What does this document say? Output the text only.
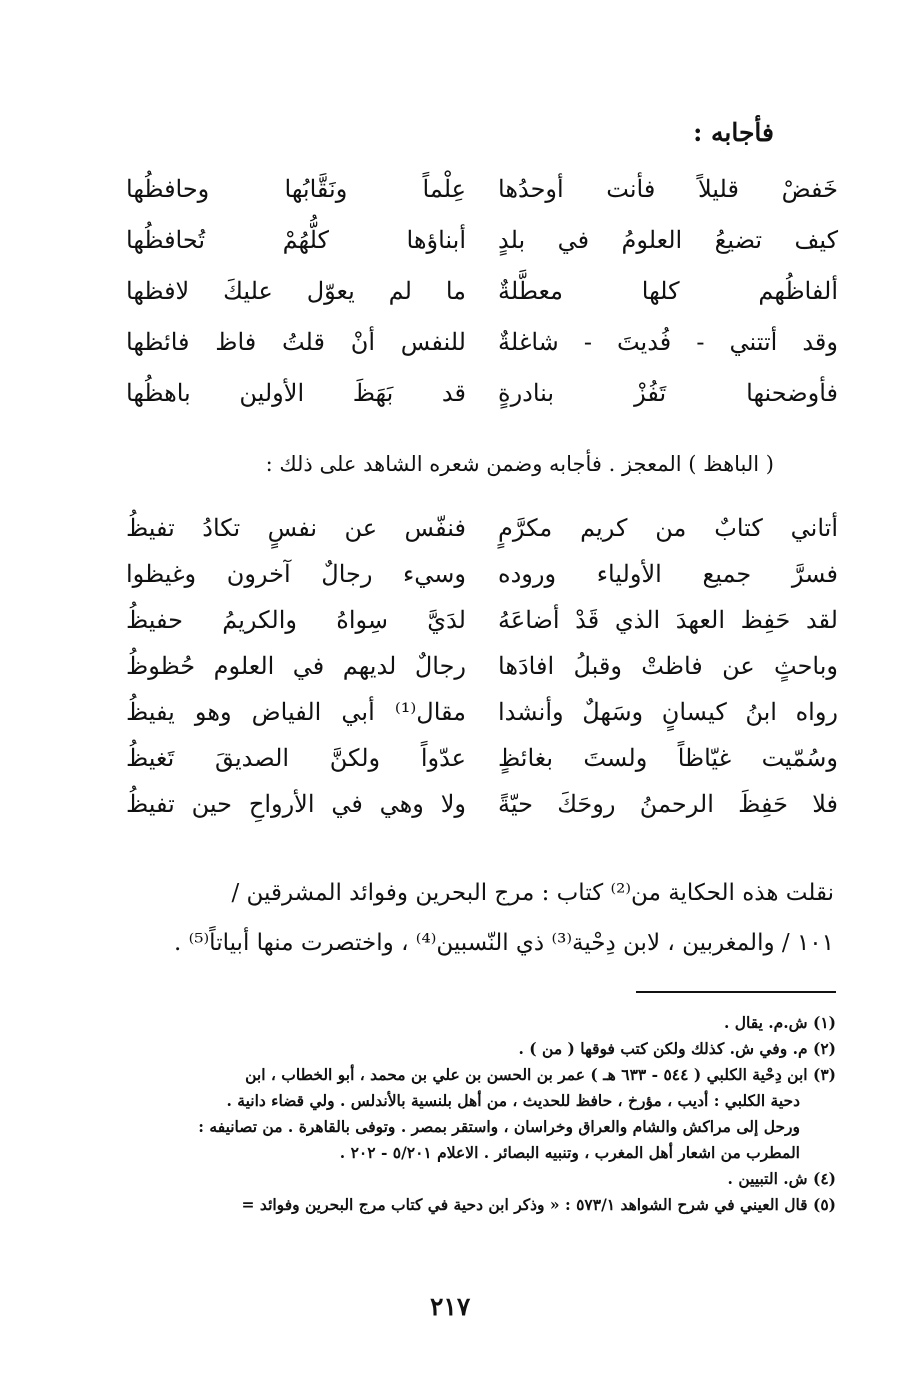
فأجابه :
خَفضْ قليلاً فأنت أوحدُها
عِلْماً ونَقَّابُها وحافظُها
كيف تضيعُ العلومُ في بلدٍ
أبناؤها كلُّهُمْ تُحافظُها
ألفاظُهم كلها معطَّلةٌ
ما لم يعوّل عليكَ لافظها
وقد أتتني - فُديتَ - شاغلةٌ
للنفس أنْ قلتُ فاظ فائظها
فأوضحنها تَفُزْ بنادرةٍ
قد بَهَظَ الأولين باهظُها
( الباهظ ) المعجز . فأجابه وضمن شعره الشاهد على ذلك :
أتاني كتابٌ من كريم مكرَّمٍ
فنفّس عن نفسٍ تكادُ تفيظُ
فسرَّ جميع الأولياء وروده
وسيء رجالٌ آخرون وغيظوا
لقد حَفِظ العهدَ الذي قَدْ أضاعَهُ
لدَيَّ سِواهُ والكريمُ حفيظُ
وباحثٍ عن فاظتْ وقبلُ افادَها
رجالٌ لديهم في العلوم حُظوظُ
رواه ابنُ كيسانٍ وسَهلٌ وأنشدا
مقال⁽¹⁾ أبي الفياض وهو يفيظُ
وسُمّيت غيّاظاً ولستَ بغائظٍ
عدّواً ولكنَّ الصديقَ تَغيظُ
فلا حَفِظَ الرحمنُ روحَكَ حيّةً
ولا وهي في الأرواحِ حين تفيظُ

نقلت هذه الحكاية من⁽²⁾ كتاب : مرج البحرين وفوائد المشرقين /

١٠١ / والمغربين ، لابن دِحْية⁽³⁾ ذي النّسبين⁽⁴⁾ ، واختصرت منها أبياتاً⁽⁵⁾ .

(١) ش.م. يقال .

(٢) م. وفي ش. كذلك ولكن كتب فوقها ( من ) .

(٣) ابن دِحْية الكلبي ( ٥٤٤ - ٦٣٣ هـ ) عمر بن الحسن بن علي بن محمد ، أبو الخطاب ، ابن

دحية الكلبي : أديب ، مؤرخ ، حافظ للحديث ، من أهل بلنسية بالأندلس . ولي قضاء دانية .

ورحل إلى مراكش والشام والعراق وخراسان ، واستقر بمصر . وتوفى بالقاهرة . من تصانيفه :

المطرب من اشعار أهل المغرب ، وتنبيه البصائر . الاعلام ٥/٢٠١ - ٢٠٢ .

(٤) ش. التبيين .

(٥) قال العيني في شرح الشواهد ٥٧٣/١ : « وذكر ابن دحية في كتاب مرج البحرين وفوائد =

٢١٧
